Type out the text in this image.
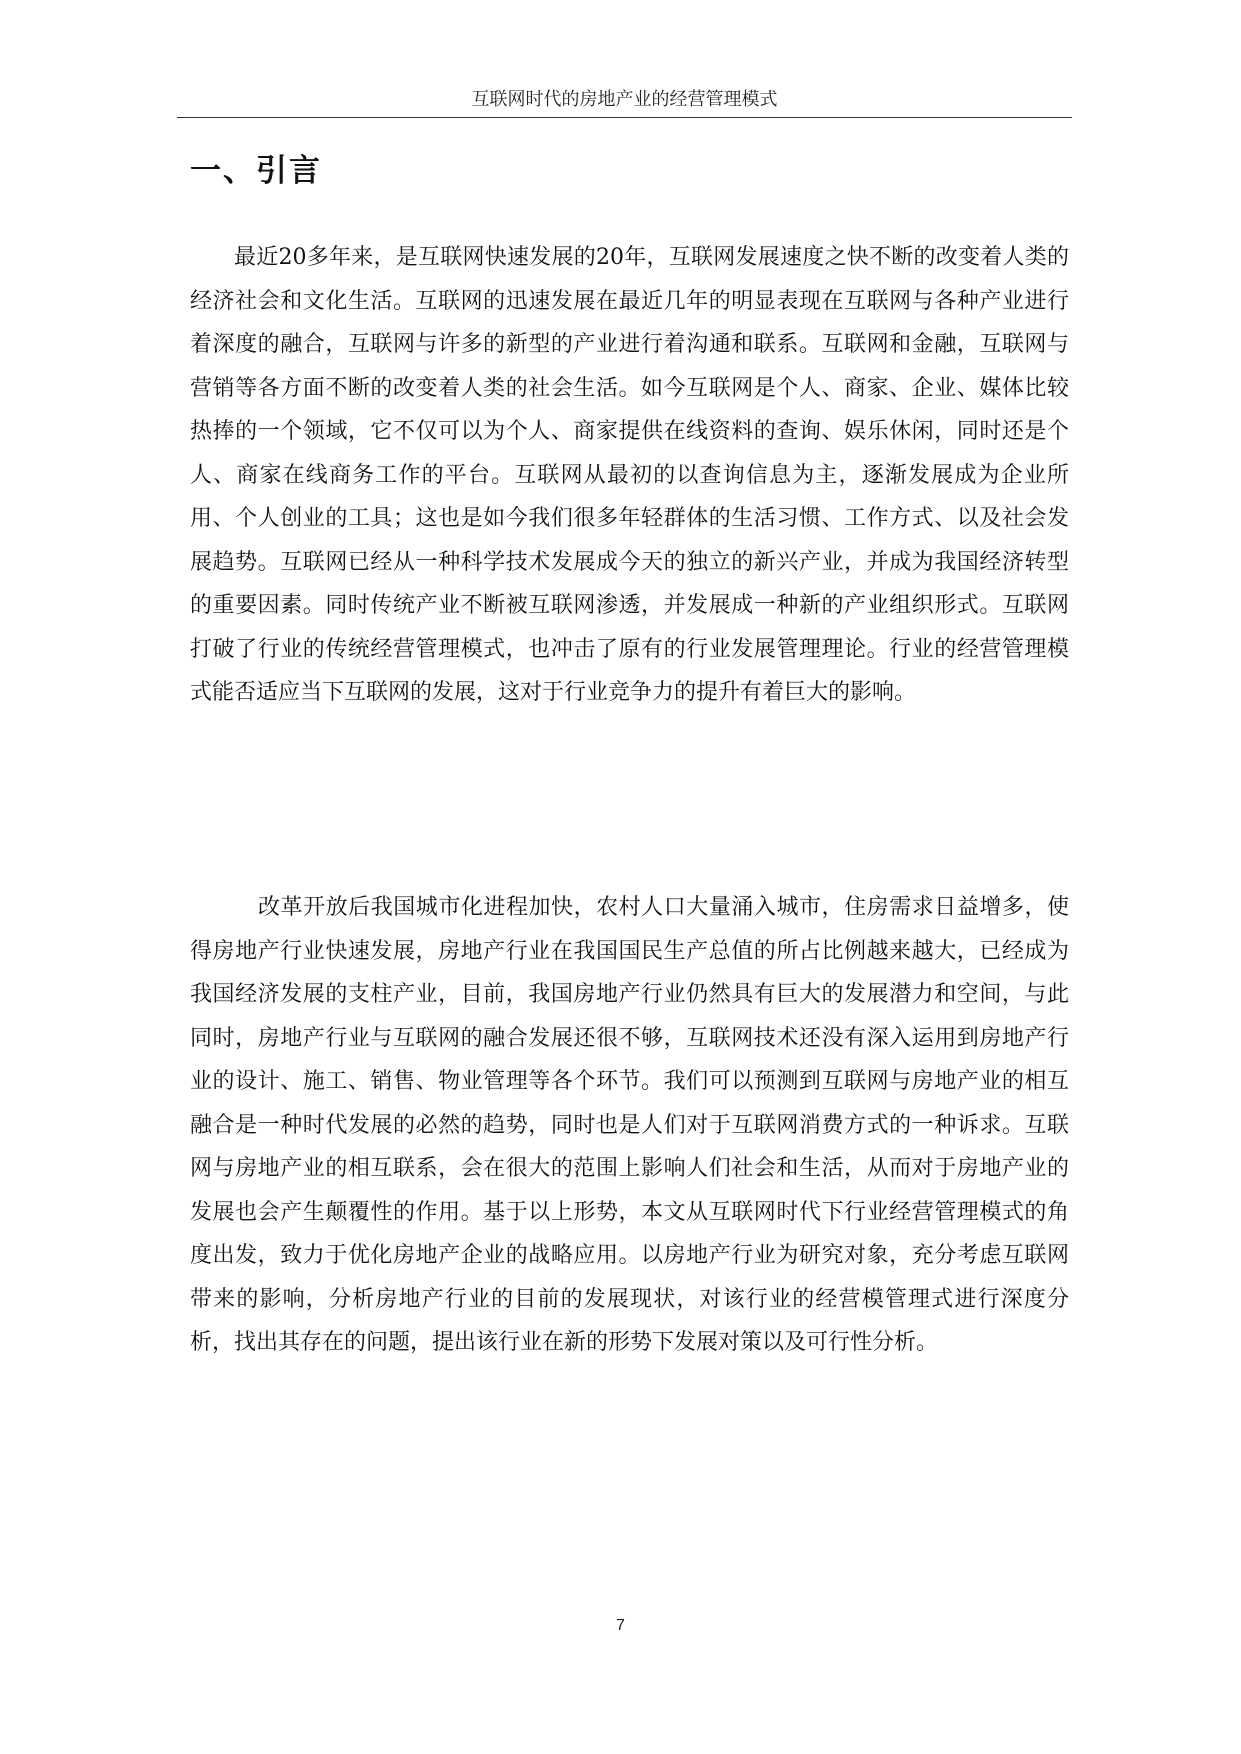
互联网时代的房地产业的经营管理模式
一、引言

最近20多年来，是互联网快速发展的20年，互联网发展速度之快不断的改变着人类的经济社会和文化生活。互联网的迅速发展在最近几年的明显表现在互联网与各种产业进行着深度的融合，互联网与许多的新型的产业进行着沟通和联系。互联网和金融，互联网与营销等各方面不断的改变着人类的社会生活。如今互联网是个人、商家、企业、媒体比较热捧的一个领域，它不仅可以为个人、商家提供在线资料的查询、娱乐休闲，同时还是个人、商家在线商务工作的平台。互联网从最初的以查询信息为主，逐渐发展成为企业所用、个人创业的工具；这也是如今我们很多年轻群体的生活习惯、工作方式、以及社会发展趋势。互联网已经从一种科学技术发展成今天的独立的新兴产业，并成为我国经济转型的重要因素。同时传统产业不断被互联网渗透，并发展成一种新的产业组织形式。互联网打破了行业的传统经营管理模式，也冲击了原有的行业发展管理理论。行业的经营管理模式能否适应当下互联网的发展，这对于行业竞争力的提升有着巨大的影响。

改革开放后我国城市化进程加快，农村人口大量涌入城市，住房需求日益增多，使得房地产行业快速发展，房地产行业在我国国民生产总值的所占比例越来越大，已经成为我国经济发展的支柱产业，目前，我国房地产行业仍然具有巨大的发展潜力和空间，与此同时，房地产行业与互联网的融合发展还很不够，互联网技术还没有深入运用到房地产行业的设计、施工、销售、物业管理等各个环节。我们可以预测到互联网与房地产业的相互融合是一种时代发展的必然的趋势，同时也是人们对于互联网消费方式的一种诉求。互联网与房地产业的相互联系，会在很大的范围上影响人们社会和生活，从而对于房地产业的发展也会产生颠覆性的作用。基于以上形势，本文从互联网时代下行业经营管理模式的角度出发，致力于优化房地产企业的战略应用。以房地产行业为研究对象，充分考虑互联网带来的影响，分析房地产行业的目前的发展现状，对该行业的经营模管理式进行深度分析，找出其存在的问题，提出该行业在新的形势下发展对策以及可行性分析。

7
